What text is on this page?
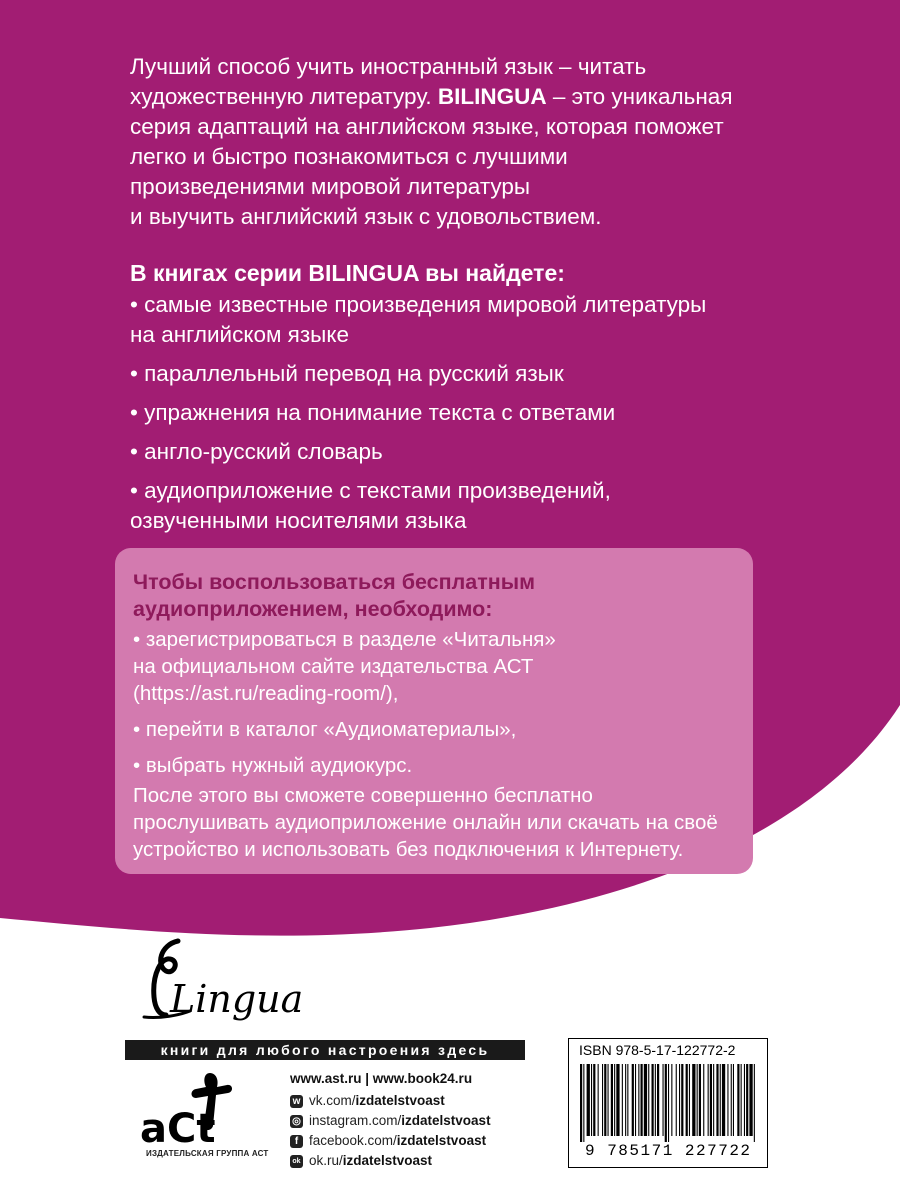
Лучший способ учить иностранный язык – читать
художественную литературу. BILINGUA – это уникальная
серия адаптаций на английском языке, которая поможет
легко и быстро познакомиться с лучшими
произведениями мировой литературы
и выучить английский язык с удовольствием.
В книгах серии BILINGUA вы найдете:
• самые известные произведения мировой литературы
на английском языке
• параллельный перевод на русский язык
• упражнения на понимание текста с ответами
• англо-русский словарь
• аудиоприложение с текстами произведений,
озвученными носителями языка
Чтобы воспользоваться бесплатным
аудиоприложением, необходимо:
• зарегистрироваться в разделе «Читальня»
на официальном сайте издательства АСТ
(https://ast.ru/reading-room/),
• перейти в каталог «Аудиоматериалы»,
• выбрать нужный аудиокурс.
После этого вы сможете совершенно бесплатно
прослушивать аудиоприложение онлайн или скачать на своё
устройство и использовать без подключения к Интернету.
Lingua
книги для любого настроения здесь
aCt
ИЗДАТЕЛЬСКАЯ ГРУППА АСТ
www.ast.ru | www.book24.ru
w vk.com/ izdatelstvoast
◎ instagram.com/ izdatelstvoast
f facebook.com/ izdatelstvoast
ok ok.ru/ izdatelstvoast
ISBN 978-5-17-122772-2
9 785171 227722
